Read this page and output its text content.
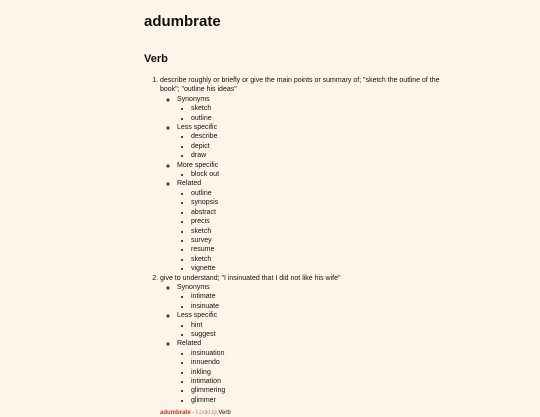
adumbrate
Verb
1. describe roughly or briefly or give the main points or summary of; "sketch the outline of the book"; "outline his ideas"
◦ Synonyms
• sketch
• outline
◦ Less specific
• describe
• depict
• draw
◦ More specific
• block out
◦ Related
• outline
• synopsis
• abstract
• precis
• sketch
• survey
• resume
• sketch
• vignette
2. give to understand; "I insinuated that I did not like his wife"
◦ Synonyms
• intimate
• insinuate
◦ Less specific
• hint
• suggest
◦ Related
• insinuation
• innuendo
• inkling
• intimation
• glimmering
• glimmer
adumbrate - LookUp Verb
